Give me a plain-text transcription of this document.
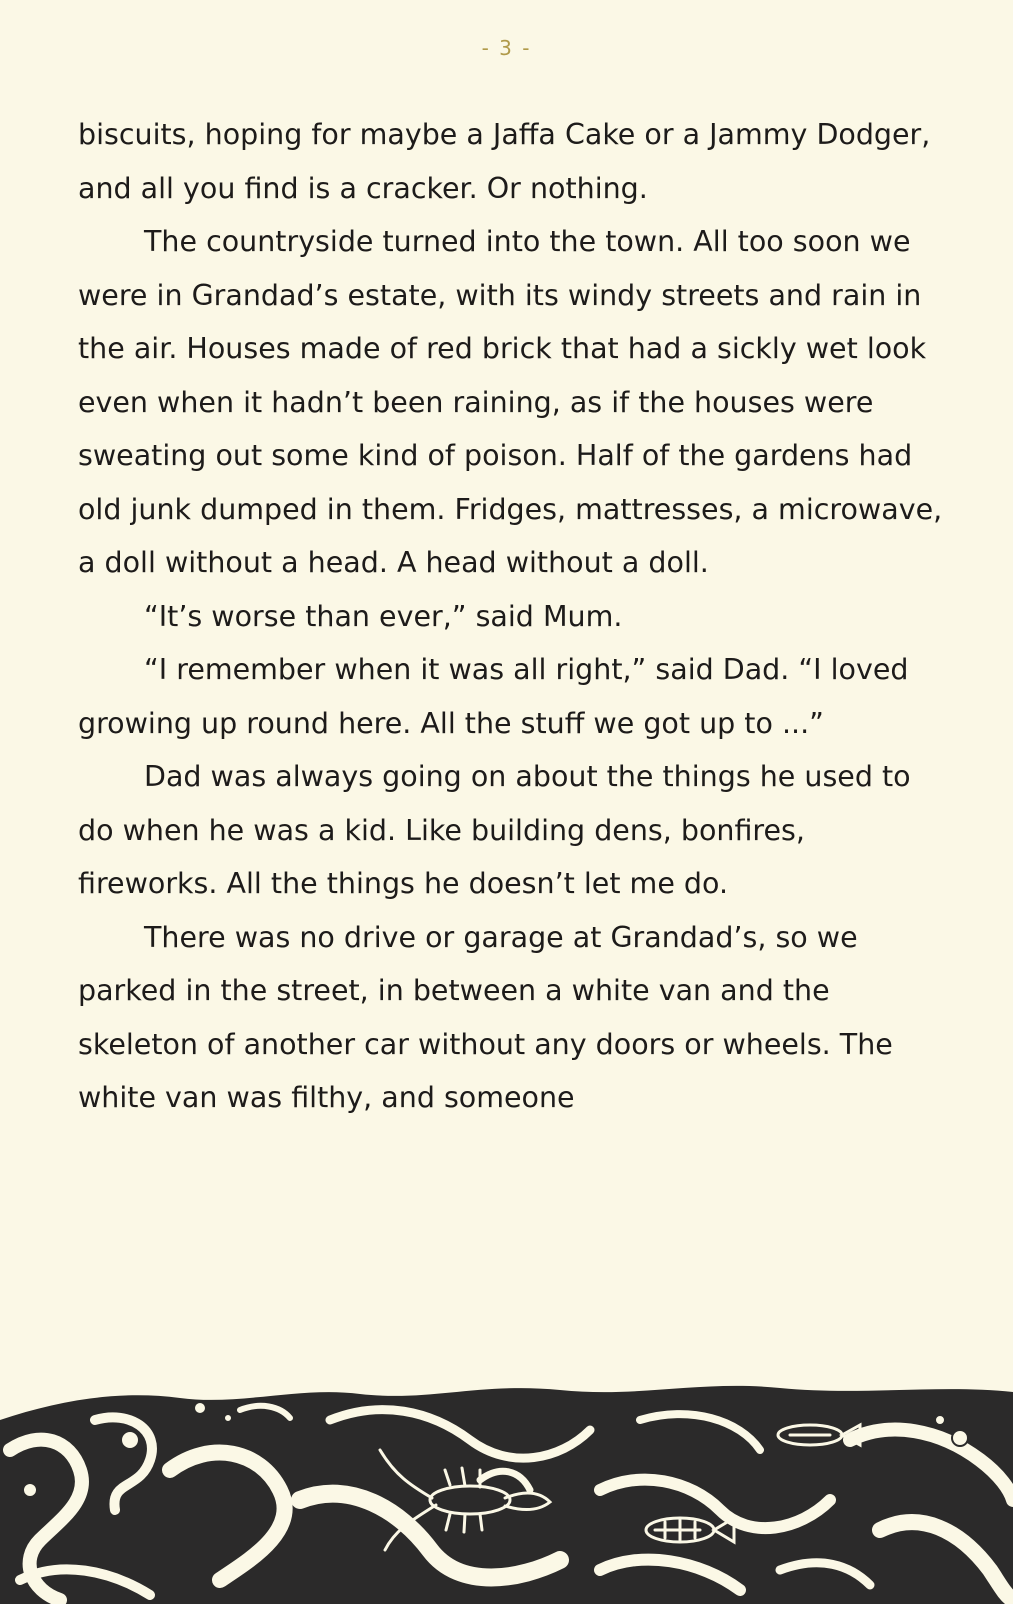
- 3 -

biscuits, hoping for maybe a Jaffa Cake or a Jammy Dodger, and all you find is a cracker. Or nothing.

The countryside turned into the town. All too soon we were in Grandad’s estate, with its windy streets and rain in the air. Houses made of red brick that had a sickly wet look even when it hadn’t been raining, as if the houses were sweating out some kind of poison. Half of the gardens had old junk dumped in them. Fridges, mattresses, a microwave, a doll without a head. A head without a doll.

“It’s worse than ever,” said Mum.

“I remember when it was all right,” said Dad. “I loved growing up round here. All the stuff we got up to ...”

Dad was always going on about the things he used to do when he was a kid. Like building dens, bonfires, fireworks. All the things he doesn’t let me do.

There was no drive or garage at Grandad’s, so we parked in the street, in between a white van and the skeleton of another car without any doors or wheels. The white van was filthy, and someone
